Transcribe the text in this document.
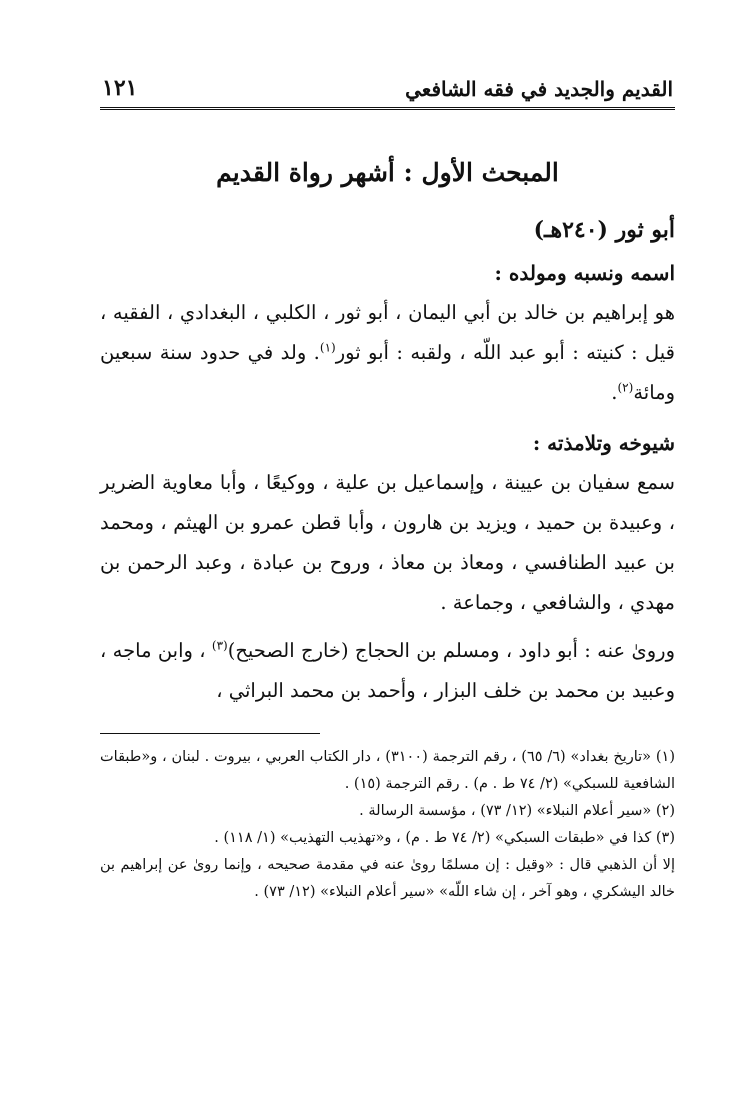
القديم والجديد في فقه الشافعي
١٢١
المبحث الأول : أشهر رواة القديم
أبو ثور (٢٤٠هـ)
اسمه ونسبه ومولده :
هو إبراهيم بن خالد بن أبي اليمان ، أبو ثور ، الكلبي ، البغدادي ، الفقيه ، قيل : كنيته : أبو عبد اللّه ، ولقبه : أبو ثور$^{(١)}$. ولد في حدود سنة سبعين ومائة$^{(٢)}$.
شيوخه وتلامذته :
سمع سفيان بن عيينة ، وإسماعيل بن علية ، ووكيعًا ، وأبا معاوية الضرير ، وعبيدة بن حميد ، ويزيد بن هارون ، وأبا قطن عمرو بن الهيثم ، ومحمد بن عبيد الطنافسي ، ومعاذ بن معاذ ، وروح بن عبادة ، وعبد الرحمن بن مهدي ، والشافعي ، وجماعة .
وروىٰ عنه : أبو داود ، ومسلم بن الحجاج (خارج الصحيح)$^{(٣)}$ ، وابن ماجه ، وعبيد بن محمد بن خلف البزار ، وأحمد بن محمد البراثي ،
(١) «تاريخ بغداد» (٦/ ٦٥) ، رقم الترجمة (٣١٠٠) ، دار الكتاب العربي ، بيروت . لبنان ، و«طبقات الشافعية للسبكي» (٢/ ٧٤ ط . م) . رقم الترجمة (١٥) .
(٢) «سير أعلام النبلاء» (١٢/ ٧٣) ، مؤسسة الرسالة .
(٣) كذا في «طبقات السبكي» (٢/ ٧٤ ط . م) ، و«تهذيب التهذيب» (١/ ١١٨) .
إلا أن الذهبي قال : «وقيل : إن مسلمًا روىٰ عنه في مقدمة صحيحه ، وإنما روىٰ عن إبراهيم بن خالد اليشكري ، وهو آخر ، إن شاء اللّه» «سير أعلام النبلاء» (١٢/ ٧٣) .
